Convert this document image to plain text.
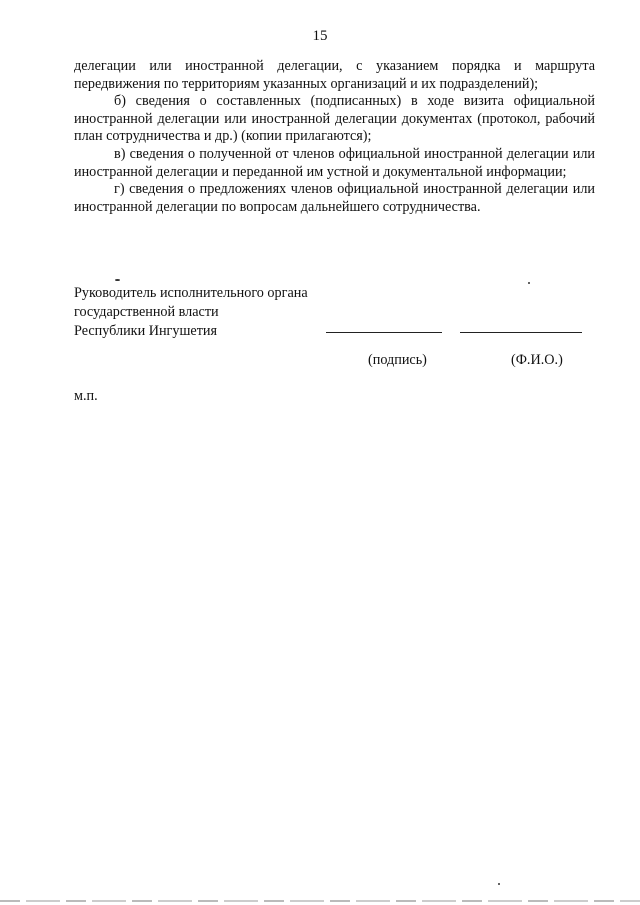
15

делегации или иностранной делегации, с указанием порядка и маршрута передвижения по территориям указанных организаций и их подразделений);

б) сведения о составленных (подписанных) в ходе визита официальной иностранной делегации или иностранной делегации документах (протокол, рабочий план сотрудничества и др.) (копии прилагаются);

в) сведения о полученной от членов официальной иностранной делегации или иностранной делегации и переданной им устной и документальной информации;

г) сведения о предложениях членов официальной иностранной делегации или иностранной делегации по вопросам дальнейшего сотрудничества.

Руководитель исполнительного органа
государственной власти
Республики Ингушетия
(подпись)	(Ф.И.О.)
м.п.
